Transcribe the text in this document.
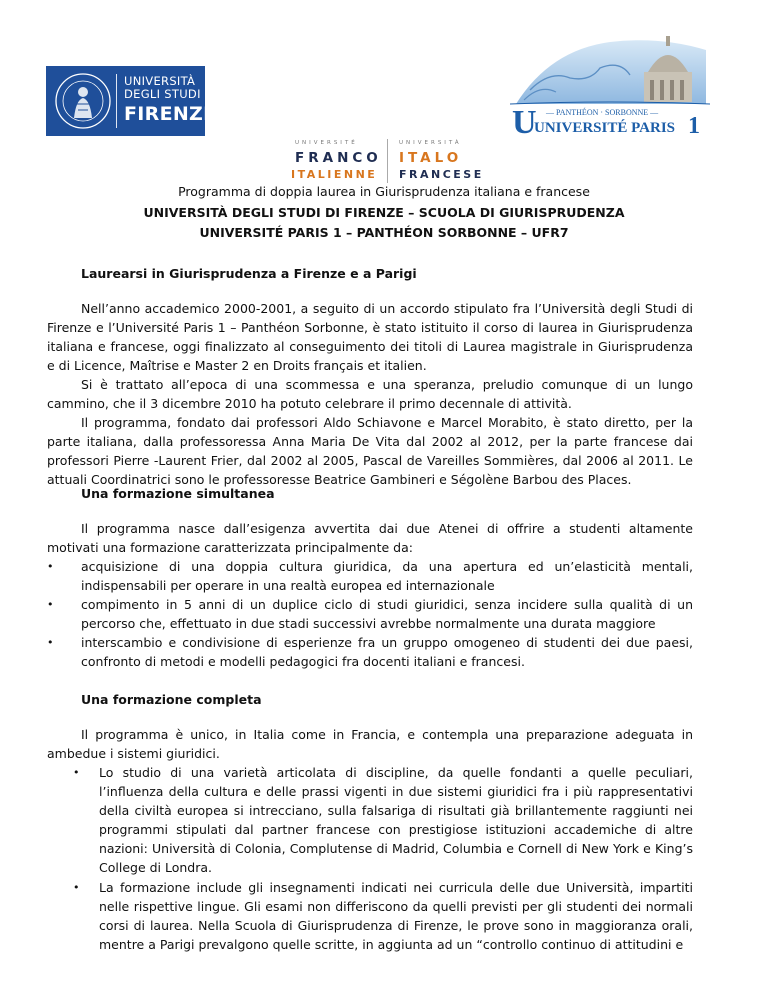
UNIVERSITÀ
DEGLI STUDI
FIRENZE	U — PANTHÉON · SORBONNE —
UNIVERSITÉ PARIS 1
UNIVERSITÉ
FRANCO
ITALIENNE
UNIVERSITÀ
ITALO
FRANCESE
Programma di doppia laurea in Giurisprudenza italiana e francese
UNIVERSITÀ DEGLI STUDI DI FIRENZE – SCUOLA DI GIURISPRUDENZA
UNIVERSITÉ PARIS 1 – PANTHÉON SORBONNE – UFR7

Laurearsi in Giurisprudenza a Firenze e a Parigi

Nell’anno accademico 2000-2001, a seguito di un accordo stipulato fra l’Università degli Studi di Firenze e l’Université Paris 1 – Panthéon Sorbonne, è stato istituito il corso di laurea in Giurisprudenza italiana e francese, oggi finalizzato al conseguimento dei titoli di Laurea magistrale in Giurisprudenza e di Licence, Maîtrise e Master 2 en Droits français et italien.

Si è trattato all’epoca di una scommessa e una speranza, preludio comunque di un lungo cammino, che il 3 dicembre 2010 ha potuto celebrare il primo decennale di attività.

Il programma, fondato dai professori Aldo Schiavone e Marcel Morabito, è stato diretto, per la parte italiana, dalla professoressa Anna Maria De Vita dal 2002 al 2012, per la parte francese dai professori Pierre -Laurent Frier, dal 2002 al 2005, Pascal de Vareilles Sommières, dal 2006 al 2011. Le attuali Coordinatrici sono le professoresse Beatrice Gambineri e Ségolène Barbou des Places.

Una formazione simultanea

Il programma nasce dall’esigenza avvertita dai due Atenei di offrire a studenti altamente motivati una formazione caratterizzata principalmente da:

• acquisizione di una doppia cultura giuridica, da una apertura ed un’elasticità mentali, indispensabili per operare in una realtà europea ed internazionale
• compimento in 5 anni di un duplice ciclo di studi giuridici, senza incidere sulla qualità di un percorso che, effettuato in due stadi successivi avrebbe normalmente una durata maggiore
• interscambio e condivisione di esperienze fra un gruppo omogeneo di studenti dei due paesi, confronto di metodi e modelli pedagogici fra docenti italiani e francesi.

Una formazione completa

Il programma è unico, in Italia come in Francia, e contempla una preparazione adeguata in ambedue i sistemi giuridici.

• Lo studio di una varietà articolata di discipline, da quelle fondanti a quelle peculiari, l’influenza della cultura e delle prassi vigenti in due sistemi giuridici fra i più rappresentativi della civiltà europea si intrecciano, sulla falsariga di risultati già brillantemente raggiunti nei programmi stipulati dal partner francese con prestigiose istituzioni accademiche di altre nazioni: Università di Colonia, Complutense di Madrid, Columbia e Cornell di New York e King’s College di Londra.
• La formazione include gli insegnamenti indicati nei curricula delle due Università, impartiti nelle rispettive lingue. Gli esami non differiscono da quelli previsti per gli studenti dei normali corsi di laurea. Nella Scuola di Giurisprudenza di Firenze, le prove sono in maggioranza orali, mentre a Parigi prevalgono quelle scritte, in aggiunta ad un “controllo continuo di attitudini e
